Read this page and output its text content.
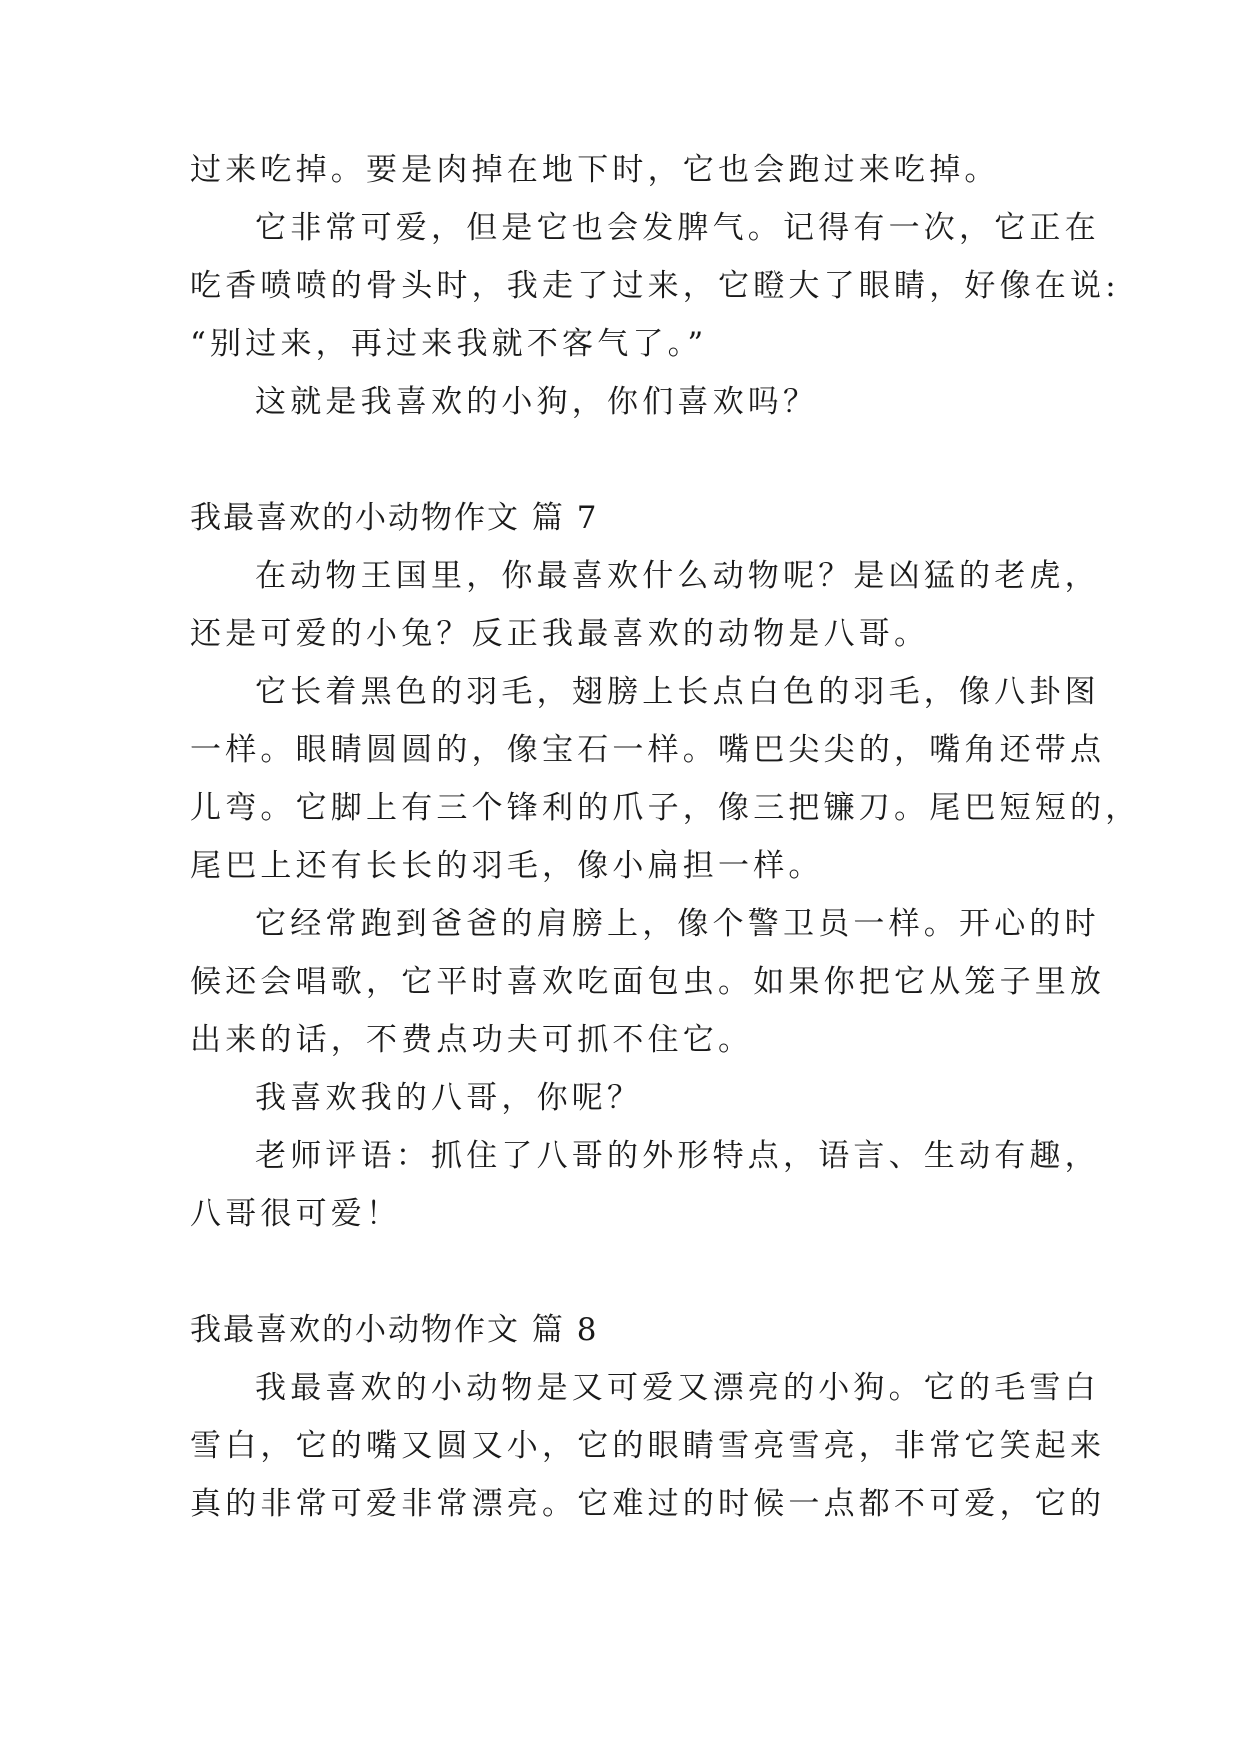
过来吃掉。要是肉掉在地下时，它也会跑过来吃掉。
它非常可爱，但是它也会发脾气。记得有一次，它正在
吃香喷喷的骨头时，我走了过来，它瞪大了眼睛，好像在说:
“别过来，再过来我就不客气了。”
这就是我喜欢的小狗，你们喜欢吗？
我最喜欢的小动物作文 篇 7
在动物王国里，你最喜欢什么动物呢？是凶猛的老虎，
还是可爱的小兔？反正我最喜欢的动物是八哥。
它长着黑色的羽毛，翅膀上长点白色的羽毛，像八卦图
一样。眼睛圆圆的，像宝石一样。嘴巴尖尖的，嘴角还带点
儿弯。它脚上有三个锋利的爪子，像三把镰刀。尾巴短短的，
尾巴上还有长长的羽毛，像小扁担一样。
它经常跑到爸爸的肩膀上，像个警卫员一样。开心的时
候还会唱歌，它平时喜欢吃面包虫。如果你把它从笼子里放
出来的话，不费点功夫可抓不住它。
我喜欢我的八哥，你呢？
老师评语：抓住了八哥的外形特点，语言、生动有趣，
八哥很可爱！
我最喜欢的小动物作文 篇 8
我最喜欢的小动物是又可爱又漂亮的小狗。它的毛雪白
雪白，它的嘴又圆又小，它的眼睛雪亮雪亮，非常它笑起来
真的非常可爱非常漂亮。它难过的时候一点都不可爱，它的
